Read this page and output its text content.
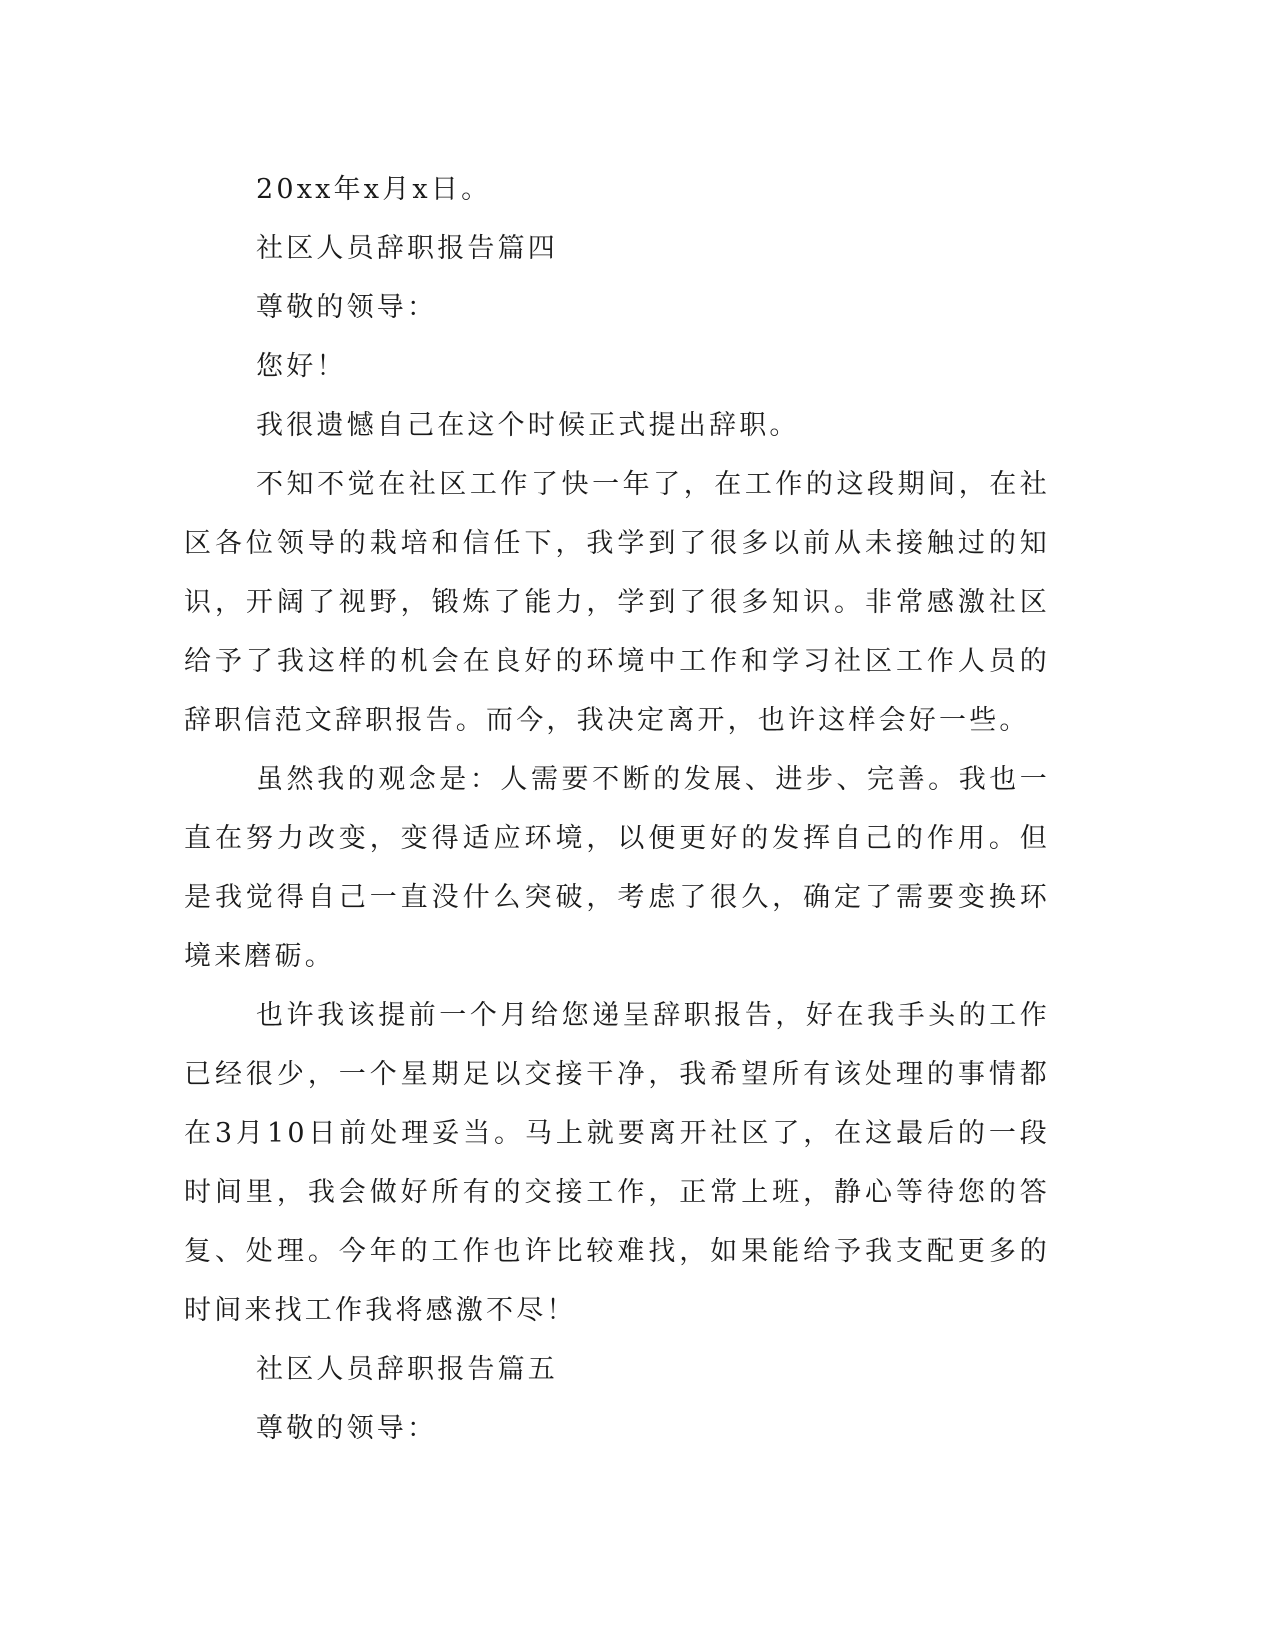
20xx年x月x日。

社区人员辞职报告篇四

尊敬的领导：

您好！

我很遗憾自己在这个时候正式提出辞职。

不知不觉在社区工作了快一年了，在工作的这段期间，在社区各位领导的栽培和信任下，我学到了很多以前从未接触过的知识，开阔了视野，锻炼了能力，学到了很多知识。非常感激社区给予了我这样的机会在良好的环境中工作和学习社区工作人员的辞职信范文辞职报告。而今，我决定离开，也许这样会好一些。

虽然我的观念是：人需要不断的发展、进步、完善。我也一直在努力改变，变得适应环境，以便更好的发挥自己的作用。但是我觉得自己一直没什么突破，考虑了很久，确定了需要变换环境来磨砺。

也许我该提前一个月给您递呈辞职报告，好在我手头的工作已经很少，一个星期足以交接干净，我希望所有该处理的事情都在3月10日前处理妥当。马上就要离开社区了，在这最后的一段时间里，我会做好所有的交接工作，正常上班，静心等待您的答复、处理。今年的工作也许比较难找，如果能给予我支配更多的时间来找工作我将感激不尽！

社区人员辞职报告篇五

尊敬的领导：
